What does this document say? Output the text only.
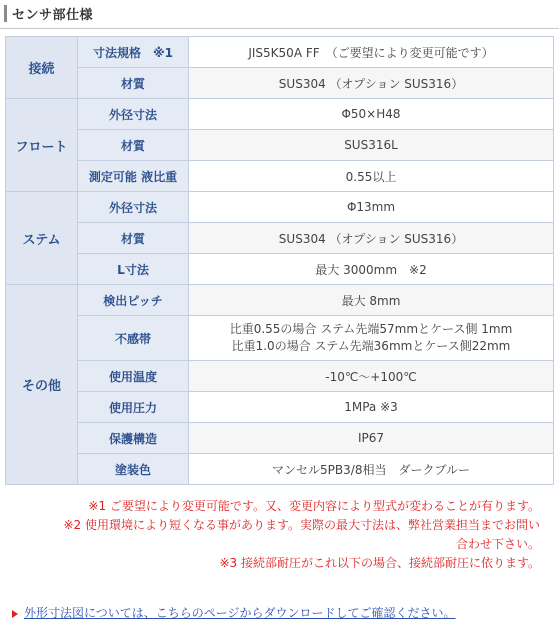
センサ部仕様
接続	寸法規格　※1	JIS5K50A FF　（ご要望により変更可能です）
	材質	SUS304 （オプション SUS316）
フロート	外径寸法	Φ50×H48
	材質	SUS316L
	測定可能 液比重	0.55以上
ステム	外径寸法	Φ13mm
	材質	SUS304 （オプション SUS316）
	L寸法	最大 3000mm　※2
その他	検出ピッチ	最大 8mm
	不感帯	比重0.55の場合 ステム先端57mmとケース側 1mm
比重1.0の場合 ステム先端36mmとケース側22mm

	使用温度	-10℃～+100℃
	使用圧力	1MPa ※3
	保護構造	IP67
	塗装色	マンセル5PB3/8相当　ダークブルー
※1 ご要望により変更可能です。又、変更内容により型式が変わることが有ります。
※2 使用環境により短くなる事があります。実際の最大寸法は、弊社営業担当までお問い
合わせ下さい。
※3 接続部耐圧がこれ以下の場合、接続部耐圧に依ります。
外形寸法図については、こちらのページからダウンロードしてご確認ください。
